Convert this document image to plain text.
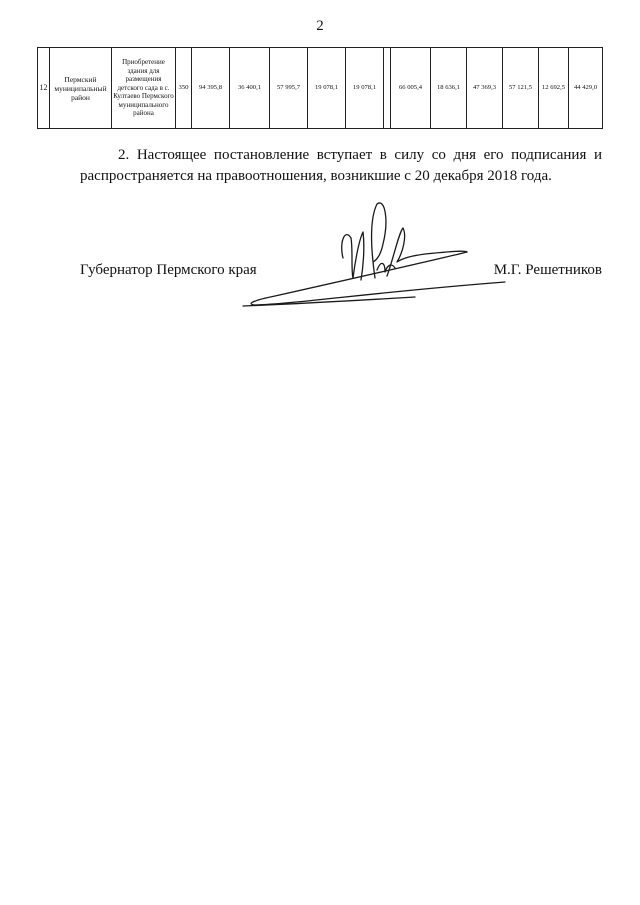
2
12	Пермский муниципальный район	Приобретение здания для размещения детского сада в с. Култаево Пермского муниципального района	350	94 395,8	36 400,1	57 995,7	19 078,1	19 078,1		66 005,4	18 636,1	47 369,3	57 121,5	12 692,5	44 429,0
2. Настоящее постановление вступает в силу со дня его подписания и распространяется на правоотношения, возникшие с 20 декабря 2018 года.
Губернатор Пермского края	М.Г. Решетников
